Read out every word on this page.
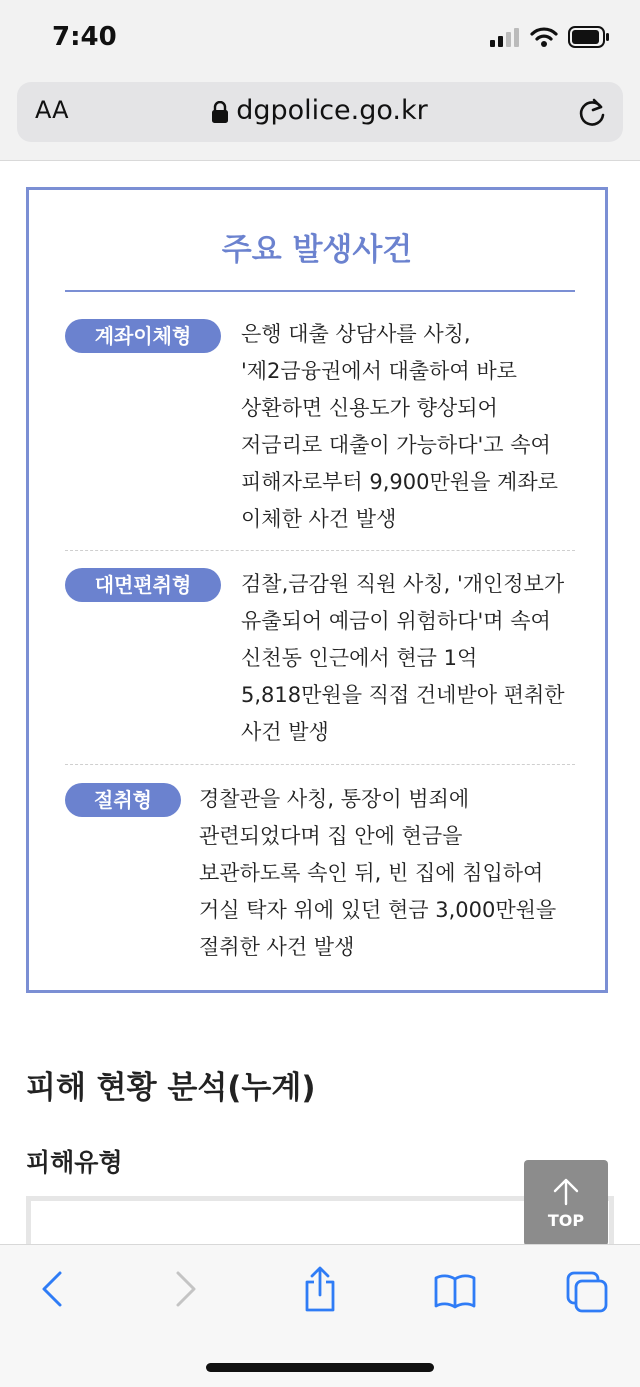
7:40
AA	dgpolice.go.kr
주요 발생사건
계좌이체형	은행 대출 상담사를 사칭,
'제2금융권에서 대출하여 바로
상환하면 신용도가 향상되어
저금리로 대출이 가능하다'고 속여
피해자로부터 9,900만원을 계좌로
이체한 사건 발생
대면편취형	검찰,금감원 직원 사칭, '개인정보가
유출되어 예금이 위험하다'며 속여
신천동 인근에서 현금 1억
5,818만원을 직접 건네받아 편취한
사건 발생
절취형	경찰관을 사칭, 통장이 범죄에
관련되었다며 집 안에 현금을
보관하도록 속인 뒤, 빈 집에 침입하여
거실 탁자 위에 있던 현금 3,000만원을
절취한 사건 발생
피해 현황 분석(누계)
피해유형
TOP
